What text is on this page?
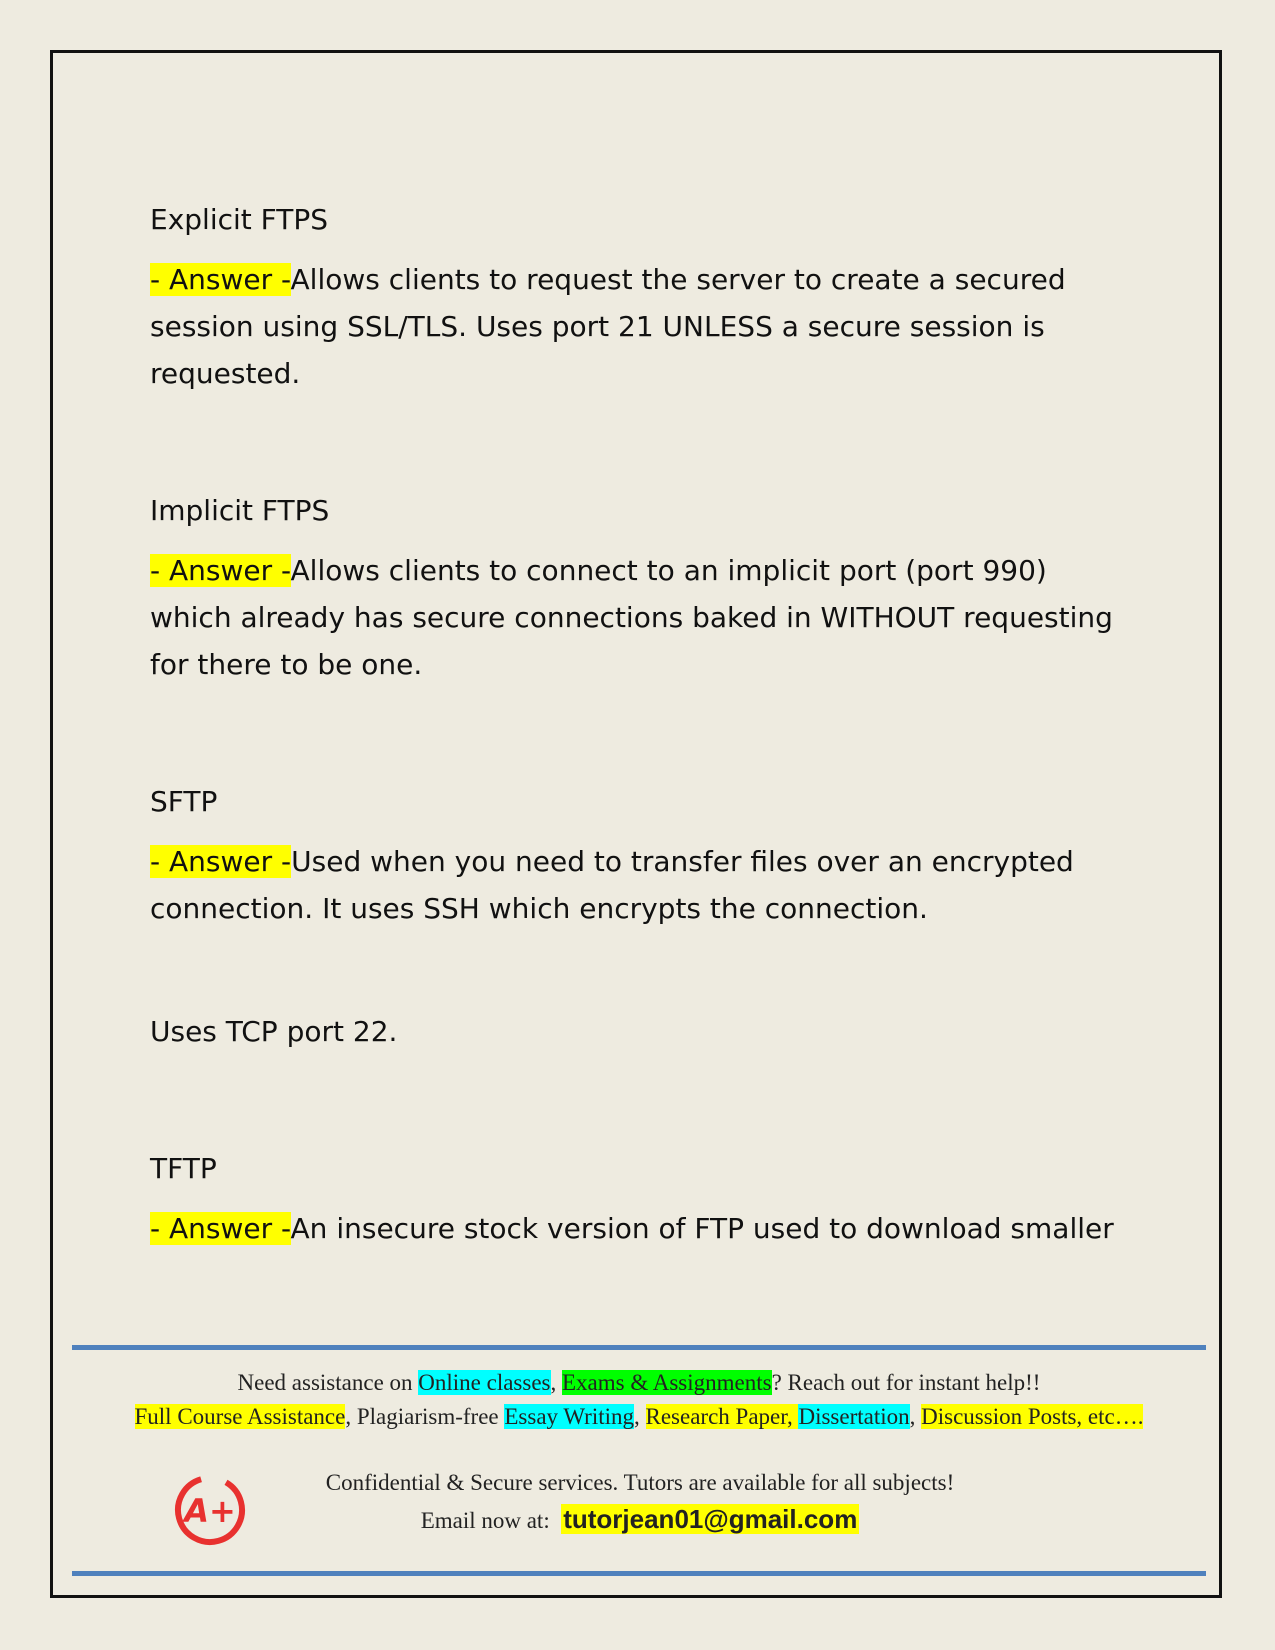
Explicit FTPS

- Answer -Allows clients to request the server to create a secured session using SSL/TLS. Uses port 21 UNLESS a secure session is requested.

Implicit FTPS

- Answer -Allows clients to connect to an implicit port (port 990) which already has secure connections baked in WITHOUT requesting for there to be one.

SFTP

- Answer -Used when you need to transfer files over an encrypted connection. It uses SSH which encrypts the connection.

Uses TCP port 22.

TFTP

- Answer -An insecure stock version of FTP used to download smaller

Need assistance on Online classes, Exams & Assignments? Reach out for instant help!!
Full Course Assistance, Plagiarism-free Essay Writing, Research Paper, Dissertation, Discussion Posts, etc….
A+
Confidential & Secure services. Tutors are available for all subjects!
Email now at:  tutorjean01@gmail.com
